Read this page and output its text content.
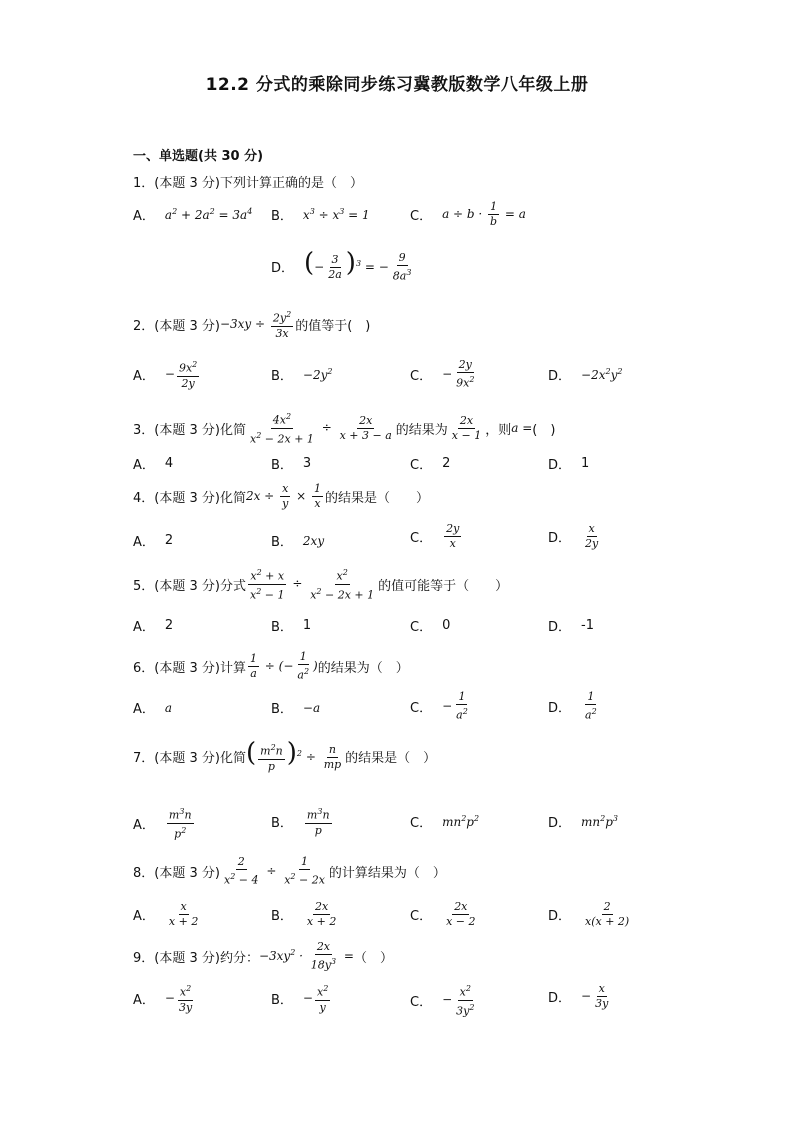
12.2 分式的乘除同步练习冀教版数学八年级上册
一、单选题(共 30 分)
1． (本题 3 分)下列计算正确的是（　）
A． $a^2 + 2a^2 = 3a^4$ B． $x^3 \div x^3 = 1$	C． $a \div b \cdot \frac{1}{b} = a$
D． (− $\frac{3}{2a} )^3$ = − $\frac{9}{8a^3}$
2． (本题 3 分) $-3xy \div \frac{2y^2}{3x}$ 的值等于(　)
A． − $\frac{9x^2}{2y}$	B． $-2y^2$	C． − $\frac{2y}{9x^2}$	D． $-2x^2y^2$
3． (本题 3 分)化简 $\frac{4x^2}{x^2 - 2x + 1} \div \frac{2x}{x + 3 - a}$ 的结果为 $\frac{2x}{x - 1}$ ，则 a = (　)
A． 4	B． 3	C． 2	D． 1
4． (本题 3 分)化简 $2x \div \frac{x}{y} \times \frac{1}{x}$ 的结果是（　　）
A． 2	B． 2xy	C． $\frac{2y}{x}$	D． $\frac{x}{2y}$
5． (本题 3 分)分式 $\frac{x^2 + x}{x^2 - 1} \div \frac{x^2}{x^2 - 2x + 1}$ 的值可能等于（　　）
A． 2	B． 1	C． 0	D． -1
6． (本题 3 分)计算 $\frac{1}{a}$ ÷ (− $\frac{1}{a^2}$ ) 的结果为（　）
A． a	B． −a	C． − $\frac{1}{a^2}$	D． $\frac{1}{a^2}$
7． (本题 3 分)化简 ( $\frac{m^2n}{p} )^2 \div \frac{n}{mp}$ 的结果是（　）
A． $\frac{m^3n}{p^2}$	B． $\frac{m^3n}{p}$	C． $mn^2p^2$	D． $mn^2p^3$
8． (本题 3 分) $\frac{2}{x^2 - 4} \div \frac{1}{x^2 - 2x}$ 的计算结果为（　）
A． $\frac{x}{x + 2}$	B． $\frac{2x}{x + 2}$	C． $\frac{2x}{x - 2}$	D． $\frac{2}{x(x + 2)}$
9． (本题 3 分)约分： $-3xy^2 \cdot \frac{2x}{18y^3}$ = （　）
A． − $\frac{x^2}{3y}$	B． − $\frac{x^2}{y}$	C． − $\frac{x^2}{3y^2}$	D． − $\frac{x}{3y}$
